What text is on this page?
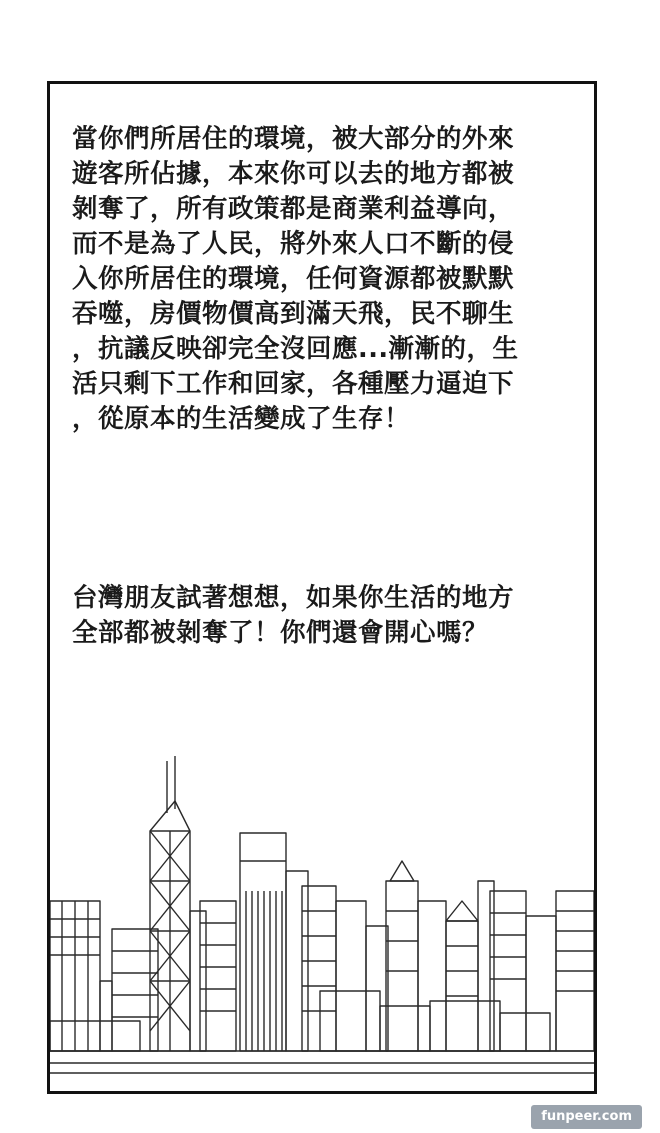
當你們所居住的環境，被大部分的外來
遊客所佔據，本來你可以去的地方都被
剝奪了，所有政策都是商業利益導向，
而不是為了人民，將外來人口不斷的侵
入你所居住的環境，任何資源都被默默
吞噬，房價物價高到滿天飛，民不聊生
，抗議反映卻完全沒回應...漸漸的，生
活只剩下工作和回家，各種壓力逼迫下
，從原本的生活變成了生存！
台灣朋友試著想想，如果你生活的地方
全部都被剝奪了！你們還會開心嗎？
funpeer.com
